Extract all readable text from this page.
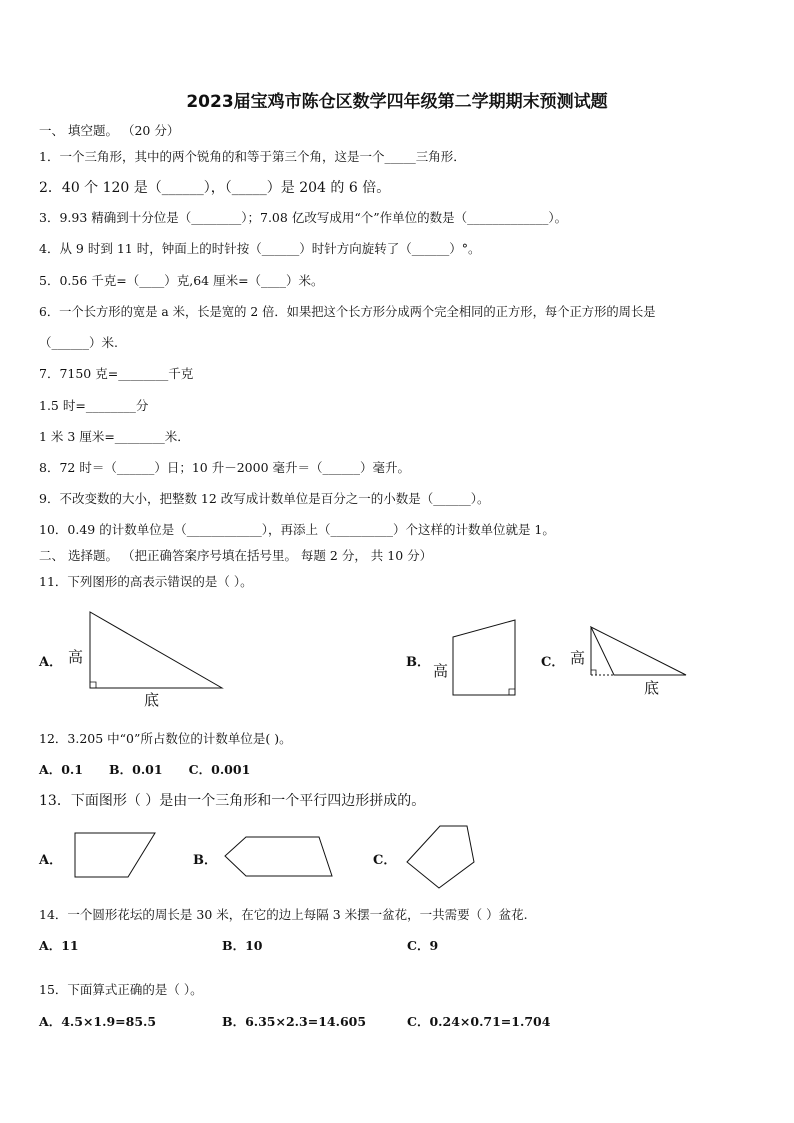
2023届宝鸡市陈仓区数学四年级第二学期期末预测试题
一、 填空题。 （20 分）
1．一个三角形，其中的两个锐角的和等于第三个角，这是一个_____三角形．
2．40 个 120 是（______），（_____）是 204 的 6 倍。
3．9.93 精确到十分位是（________）；7.08 亿改写成用“个”作单位的数是（_____________）。
4．从 9 时到 11 时，钟面上的时针按（______）时针方向旋转了（______）°。
5．0.56 千克=（____）克,64 厘米=（____）米。
6．一个长方形的宽是 a 米，长是宽的 2 倍．如果把这个长方形分成两个完全相同的正方形，每个正方形的周长是
（______）米.
7．7150 克=________千克
1.5 时=________分
1 米 3 厘米=________米．
8．72 时＝（______）日；10 升－2000 毫升＝（______）毫升。
9．不改变数的大小，把整数 12 改写成计数单位是百分之一的小数是（______）。
10．0.49 的计数单位是（____________），再添上（__________）个这样的计数单位就是 1。
二、 选择题。 （把正确答案序号填在括号里。 每题 2 分， 共 10 分）
11．下列图形的高表示错误的是（ ）。
A．	B．	C．
高
底
高
高
底
12．3.205 中“0”所占数位的计数单位是( )。
A．0.1      B．0.01      C．0.001
13．下面图形（ ）是由一个三角形和一个平行四边形拼成的。
A．	B．	C．
14．一个圆形花坛的周长是 30 米，在它的边上每隔 3 米摆一盆花，一共需要（ ）盆花.
A．11	B．10	C．9
15．下面算式正确的是（ ）。
A．4.5×1.9=85.5	B．6.35×2.3=14.605	C．0.24×0.71=1.704
